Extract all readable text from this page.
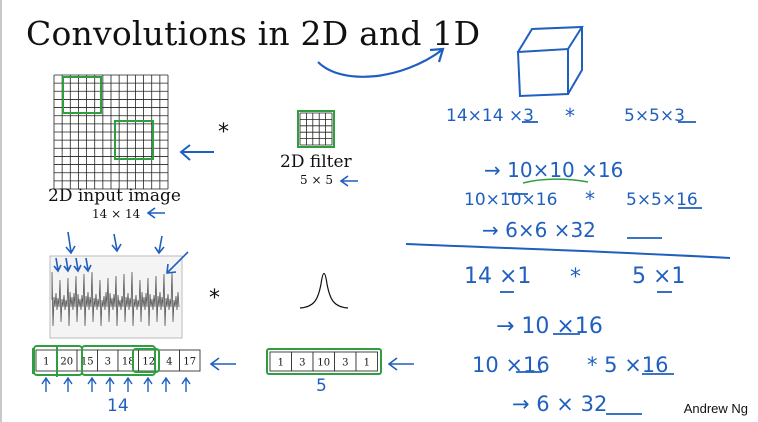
Convolutions in 2D and 1D
1 20 15 3 18 12 4 17	1 3 10 3 1
*
*
2D input image
14 × 14
2D filter
5 × 5
14
5
14×14 ×3 *	5×5×3
→ 10×10 ×16
10×10×16 * 5×5×16
→ 6×6 ×32
14 ×1 * 5 ×1
→ 10 ×16
10 ×16 * 5 ×16
→ 6 × 32	Andrew Ng
